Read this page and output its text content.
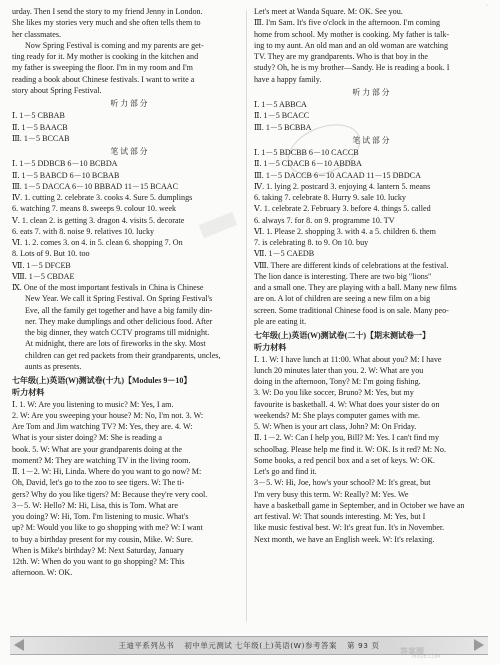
·
urday. Then I send the story to my friend Jenny in London.
She likes my stories very much and she often tells them to
her classmates.
Now Spring Festival is coming and my parents are get-
ting ready for it. My mother is cooking in the kitchen and
my father is sweeping the floor. I'm in my room and I'm
reading a book about Chinese festivals. I want to write a
story about Spring Festival.
听力部分
Ⅰ. 1－5 CBBAB
Ⅱ. 1－5 BAACB
Ⅲ. 1－5 BCCAB
笔试部分
Ⅰ. 1－5 DDBCB 6－10 BCBDA
Ⅱ. 1－5 BABCD 6－10 BCBAB
Ⅲ. 1－5 DACCA 6－10 BBBAD 11－15 BCAAC
Ⅳ. 1. cutting 2. celebrate 3. cooks 4. Sure 5. dumplings
6. watching 7. means 8. sweeps 9. colour 10. week
Ⅴ. 1. clean 2. is getting 3. dragon 4. visits 5. decorate
6. eats 7. with 8. noise 9. relatives 10. lucky
Ⅵ. 1. 2. comes 3. on 4. in 5. clean 6. shopping 7. On
8. Lots of 9. But 10. too
Ⅶ. 1－5 DFCEB
Ⅷ. 1－5 CBDAE
Ⅸ. One of the most important festivals in China is Chinese
New Year. We call it Spring Festival. On Spring Festival's
Eve, all the family get together and have a big family din-
ner. They make dumplings and other delicious food. After
the big dinner, they watch CCTV programs till midnight.
At midnight, there are lots of fireworks in the sky. Most
children can get red packets from their grandparents, uncles,
aunts as presents.
七年级(上)英语(W)测试卷(十九)【Modules 9－10】
听力材料
Ⅰ. 1. W: Are you listening to music? M: Yes, I am.
2. W: Are you sweeping your house? M: No, I'm not. 3. W:
Are Tom and Jim watching TV? M: Yes, they are. 4. W:
What is your sister doing? M: She is reading a
book. 5. W: What are your grandparents doing at the
moment? M: They are watching TV in the living room.
Ⅱ. 1－2. W: Hi, Linda. Where do you want to go now? M:
Oh, David, let's go to the zoo to see tigers. W: The ti-
gers? Why do you like tigers? M: Because they're very cool.
3－5. W: Hello? M: Hi, Lisa, this is Tom. What are
you doing? W: Hi, Tom. I'm listening to music. What's
up? M: Would you like to go shopping with me? W: I want
to buy a birthday present for my cousin, Mike. W: Sure.
When is Mike's birthday? M: Next Saturday, January
12th. W: When do you want to go shopping? M: This
afternoon. W: OK.
Let's meet at Wanda Square. M: OK. See you.
Ⅲ. I'm Sam. It's five o'clock in the afternoon. I'm coming
home from school. My mother is cooking. My father is talk-
ing to my aunt. An old man and an old woman are watching
TV. They are my grandparents. Who is that boy in the
study? Oh, he is my brother—Sandy. He is reading a book. I
have a happy family.
听力部分
Ⅰ. 1－5 ABBCA
Ⅱ. 1－5 BCACC
Ⅲ. 1－5 BCBBA
笔试部分
Ⅰ. 1－5 BDCBB 6－10 CACCB
Ⅱ. 1－5 CDACB 6－10 ABDBA
Ⅲ. 1－5 DACCB 6－10 ACAAD 11－15 DBDCA
Ⅳ. 1. lying 2. postcard 3. enjoying 4. lantern 5. means
6. taking 7. celebrate 8. Hurry 9. sale 10. lucky
Ⅴ. 1. celebrate 2. February 3. before 4. things 5. called
6. always 7. for 8. on 9. programme 10. TV
Ⅵ. 1. Please 2. shopping 3. with 4. a 5. children 6. them
7. is celebrating 8. to 9. On 10. buy
Ⅶ. 1－5 CAEDB
Ⅷ. There are different kinds of celebrations at the festival.
The lion dance is interesting. There are two big "lions"
and a small one. They are playing with a ball. Many new films
are on. A lot of children are seeing a new film on a big
screen. Some traditional Chinese food is on sale. Many peo-
ple are eating it.
七年级(上)英语(W)测试卷(二十)【期末测试卷一】
听力材料
Ⅰ. 1. W: I have lunch at 11:00. What about you? M: I have
lunch 20 minutes later than you. 2. W: What are you
doing in the afternoon, Tony? M: I'm going fishing.
3. W: Do you like soccer, Bruno? M: Yes, but my
favourite is basketball. 4. W: What does your sister do on
weekends? M: She plays computer games with me.
5. W: When is your art class, John? M: On Friday.
Ⅱ. 1－2. W: Can I help you, Bill? M: Yes. I can't find my
schoolbag. Please help me find it. W: OK. Is it red? M: No.
Some books, a red pencil box and a set of keys. W: OK.
Let's go and find it.
3－5. W: Hi, Joe, how's your school? M: It's great, but
I'm very busy this term. W: Really? M: Yes. We
have a basketball game in September, and in October we have an
art festival. W: That sounds interesting. M: Yes, but I
like music festival best. W: It's great fun. It's in November.
Next month, we have an English week. W: It's relaxing.
王迪平系列丛书 初中单元测试 七年级(上)英语(W)参考答案 第 93 页
答案圈
MXQE.COM
